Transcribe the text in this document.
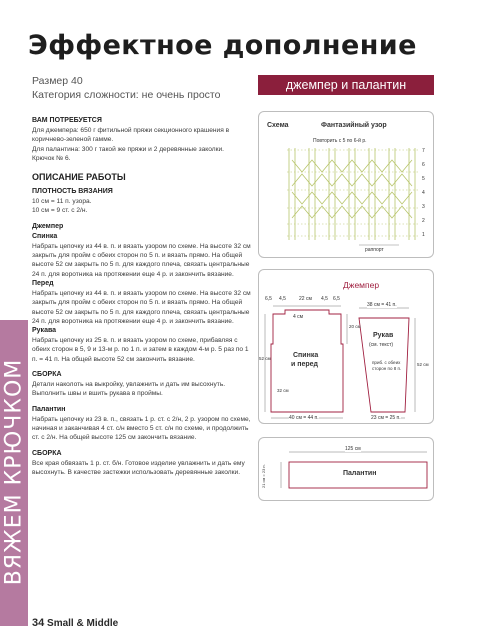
Эффектное дополнение
Размер 40
Категория сложности: не очень просто
джемпер и палантин
ВЯЖЕМ КРЮЧКОМ
ВАМ ПОТРЕБУЕТСЯ

Для джемпера: 650 г фитильной пряжи секционного крашения в коричнево-зеленой гамме.

Для палантина: 300 г такой же пряжи и 2 деревянные заколки.

Крючок № 6.

ОПИСАНИЕ РАБОТЫ
ПЛОТНОСТЬ ВЯЗАНИЯ

10 см = 11 п. узора.

10 см = 9 ст. с 2/н.

Джемпер
Спинка

Набрать цепочку из 44 в. п. и вязать узором по схеме. На высоте 32 см закрыть для пройм с обеих сторон по 5 п. и вязать прямо. На общей высоте 52 см закрыть по 5 п. для каждого плеча, связать центральные 24 п. для воротника на протяжении еще 4 р. и закончить вязание.

Перед

Набрать цепочку из 44 в. п. и вязать узором по схеме. На высоте 32 см закрыть для пройм с обеих сторон по 5 п. и вязать прямо. На общей высоте 52 см закрыть по 5 п. для каждого плеча, связать центральные 24 п. для воротника на протяжении еще 4 р. и закончить вязание.

Рукава

Набрать цепочку из 25 в. п. и вязать узором по схеме, прибавляя с обеих сторон в 5, 9 и 13-м р. по 1 п. и затем в каждом 4-м р. 5 раз по 1 п. = 41 п. На общей высоте 52 см закончить вязание.

СБОРКА

Детали наколоть на выкройку, увлажнить и дать им высохнуть. Выполнить швы и вшить рукава в проймы.

Палантин

Набрать цепочку из 23 в. п., связать 1 р. ст. с 2/н, 2 р. узором по схеме, начиная и заканчивая 4 ст. с/н вместо 5 ст. с/н по схеме, и продолжить ст. с 2/н. На общей высоте 125 см закончить вязание.

СБОРКА

Все края обвязать 1 р. ст. б/н. Готовое изделие увлажнить и дать ему высохнуть. В качестве застежки использовать деревянные заколки.

34 Small & Middle
Схема	Фантазийный узор
Повторить с 5 по 6-й р.
7
6
5
4
3
2
1
раппорт
Джемпер
6,5 4,5	22 см 4,5 6,5
4 см
Спинка
и перед
20 см
52 см
32 см
40 см = 44 п.
38 см = 41 п.
Рукав
(см. текст)
приб. с обеих сторон по 8 п.
52 см
23 см = 25 п.
125 см
Палантин
21 см = 23 п.
